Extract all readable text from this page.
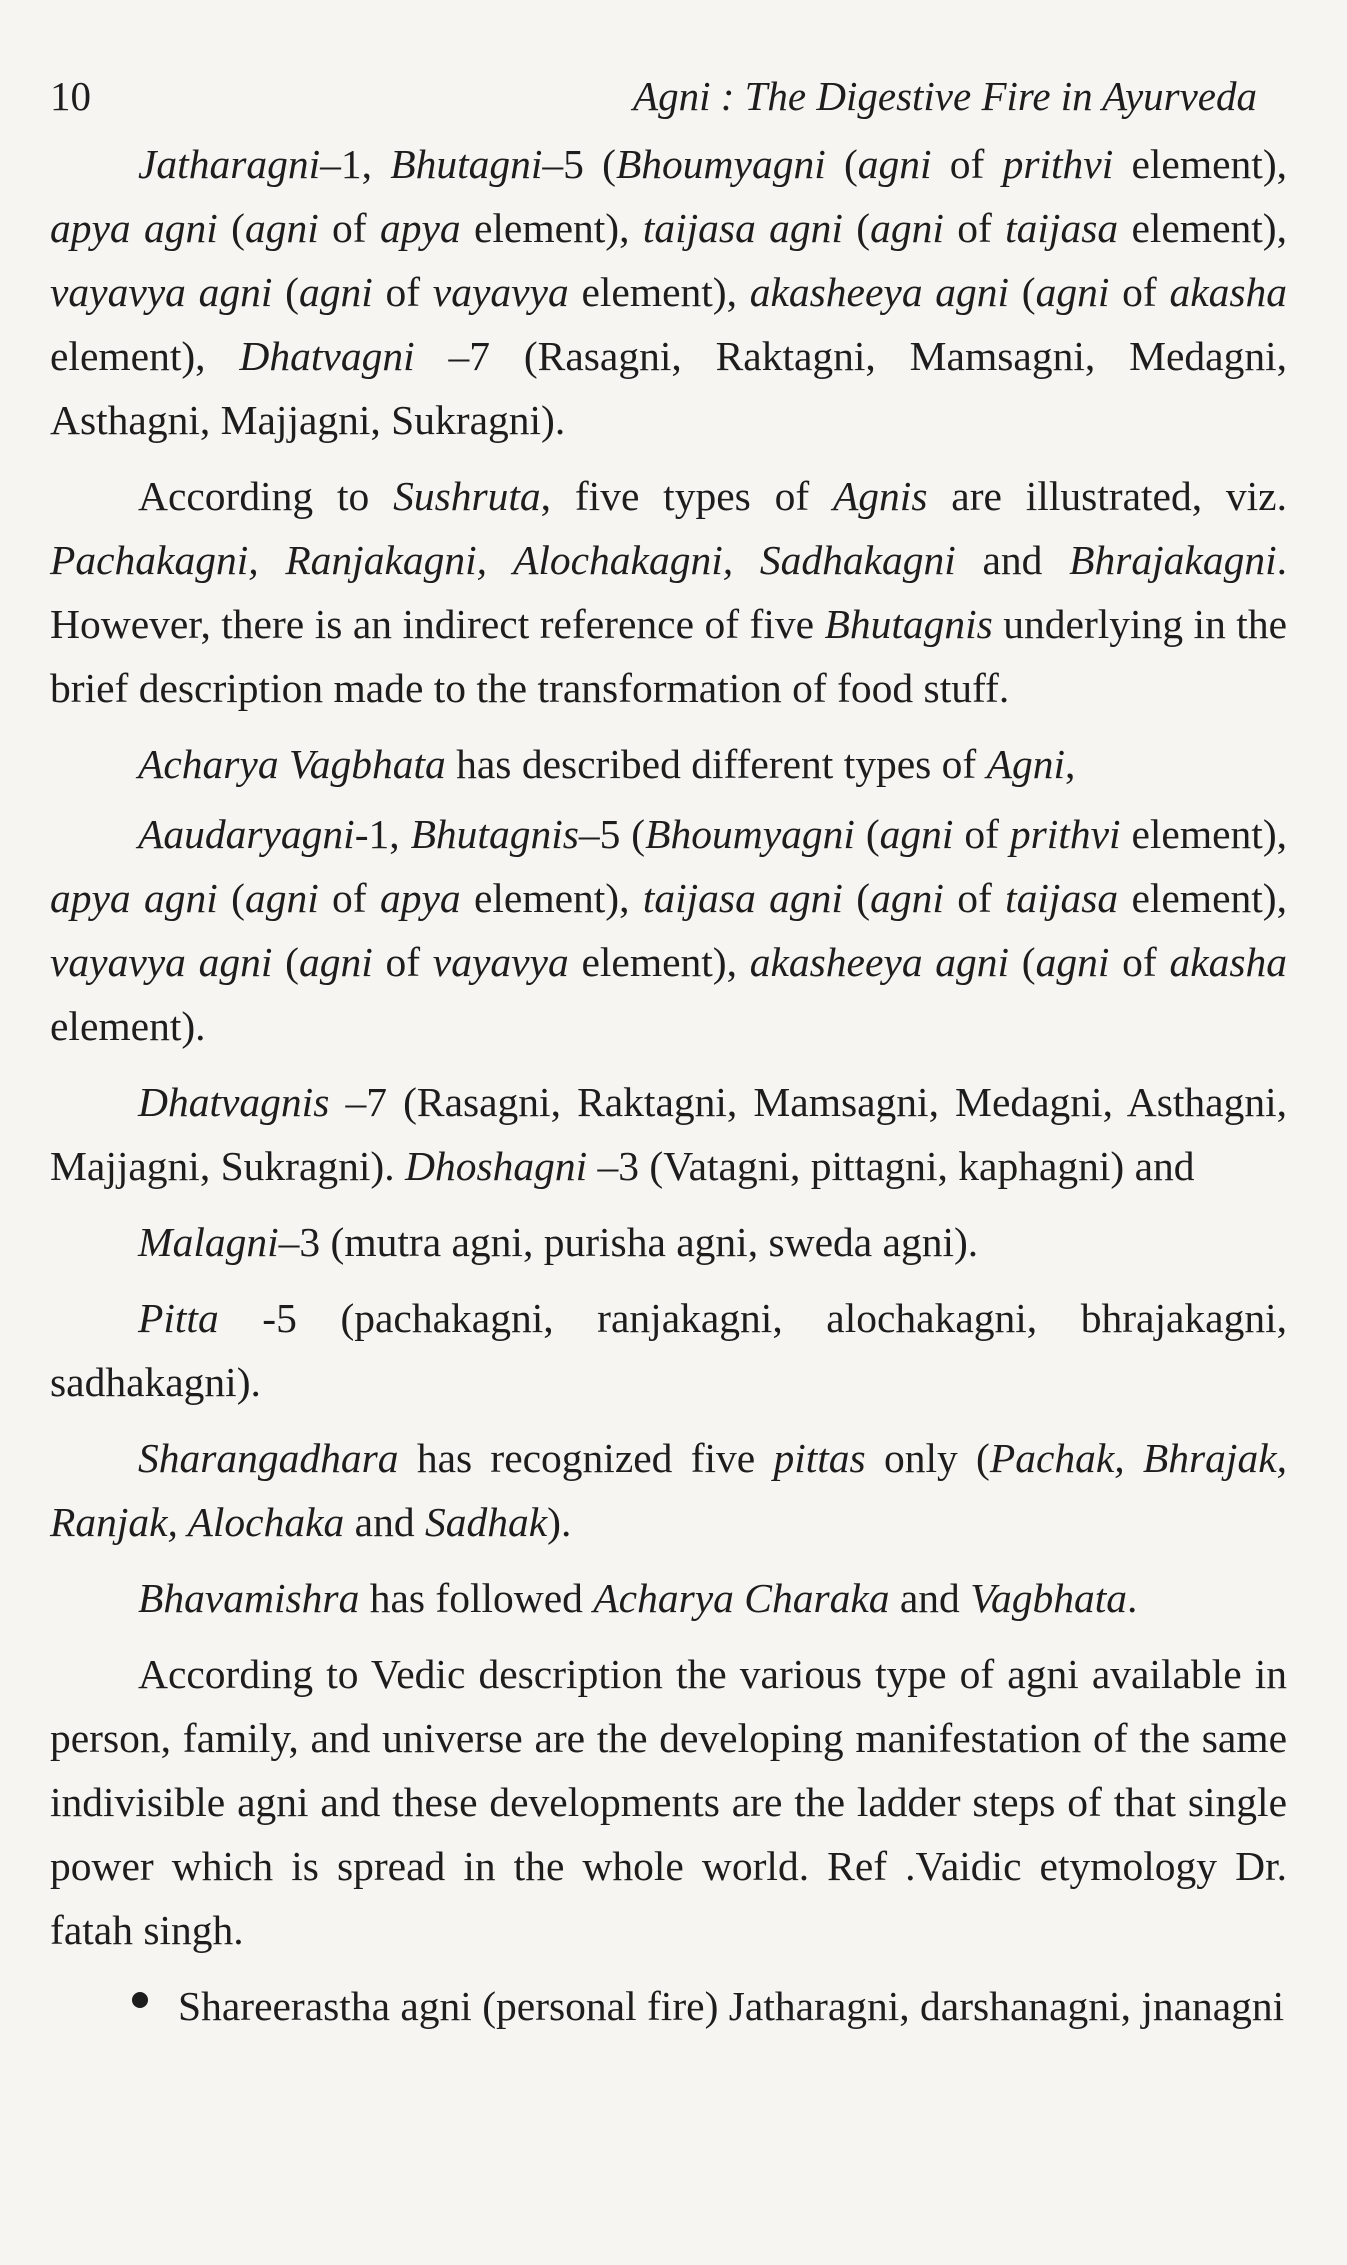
10	Agni : The Digestive Fire in Ayurveda

Jatharagni–1, Bhutagni–5 (Bhoumyagni (agni of prithvi element), apya agni (agni of apya element), taijasa agni (agni of taijasa element), vayavya agni (agni of vayavya element), akasheeya agni (agni of akasha element), Dhatvagni –7 (Rasagni, Raktagni, Mamsagni, Medagni, Asthagni, Majjagni, Sukragni).

According to Sushruta, five types of Agnis are illustrated, viz. Pachakagni, Ranjakagni, Alochakagni, Sadhakagni and Bhrajakagni. However, there is an indirect reference of five Bhutagnis underlying in the brief description made to the transformation of food stuff.

Acharya Vagbhata has described different types of Agni,

Aaudaryagni-1, Bhutagnis–5 (Bhoumyagni (agni of prithvi element), apya agni (agni of apya element), taijasa agni (agni of taijasa element), vayavya agni (agni of vayavya element), akasheeya agni (agni of akasha element).

Dhatvagnis –7 (Rasagni, Raktagni, Mamsagni, Medagni, Asthagni, Majjagni, Sukragni). Dhoshagni –3 (Vatagni, pittagni, kaphagni) and

Malagni–3 (mutra agni, purisha agni, sweda agni).

Pitta -5 (pachakagni, ranjakagni, alochakagni, bhrajakagni, sadhakagni).

Sharangadhara has recognized five pittas only (Pachak, Bhrajak, Ranjak, Alochaka and Sadhak).

Bhavamishra has followed Acharya Charaka and Vagbhata.

According to Vedic description the various type of agni available in person, family, and universe are the developing manifestation of the same indivisible agni and these developments are the ladder steps of that single power which is spread in the whole world. Ref .Vaidic etymology Dr. fatah singh.

Shareerastha agni (personal fire) Jatharagni, darshanagni, jnanagni
